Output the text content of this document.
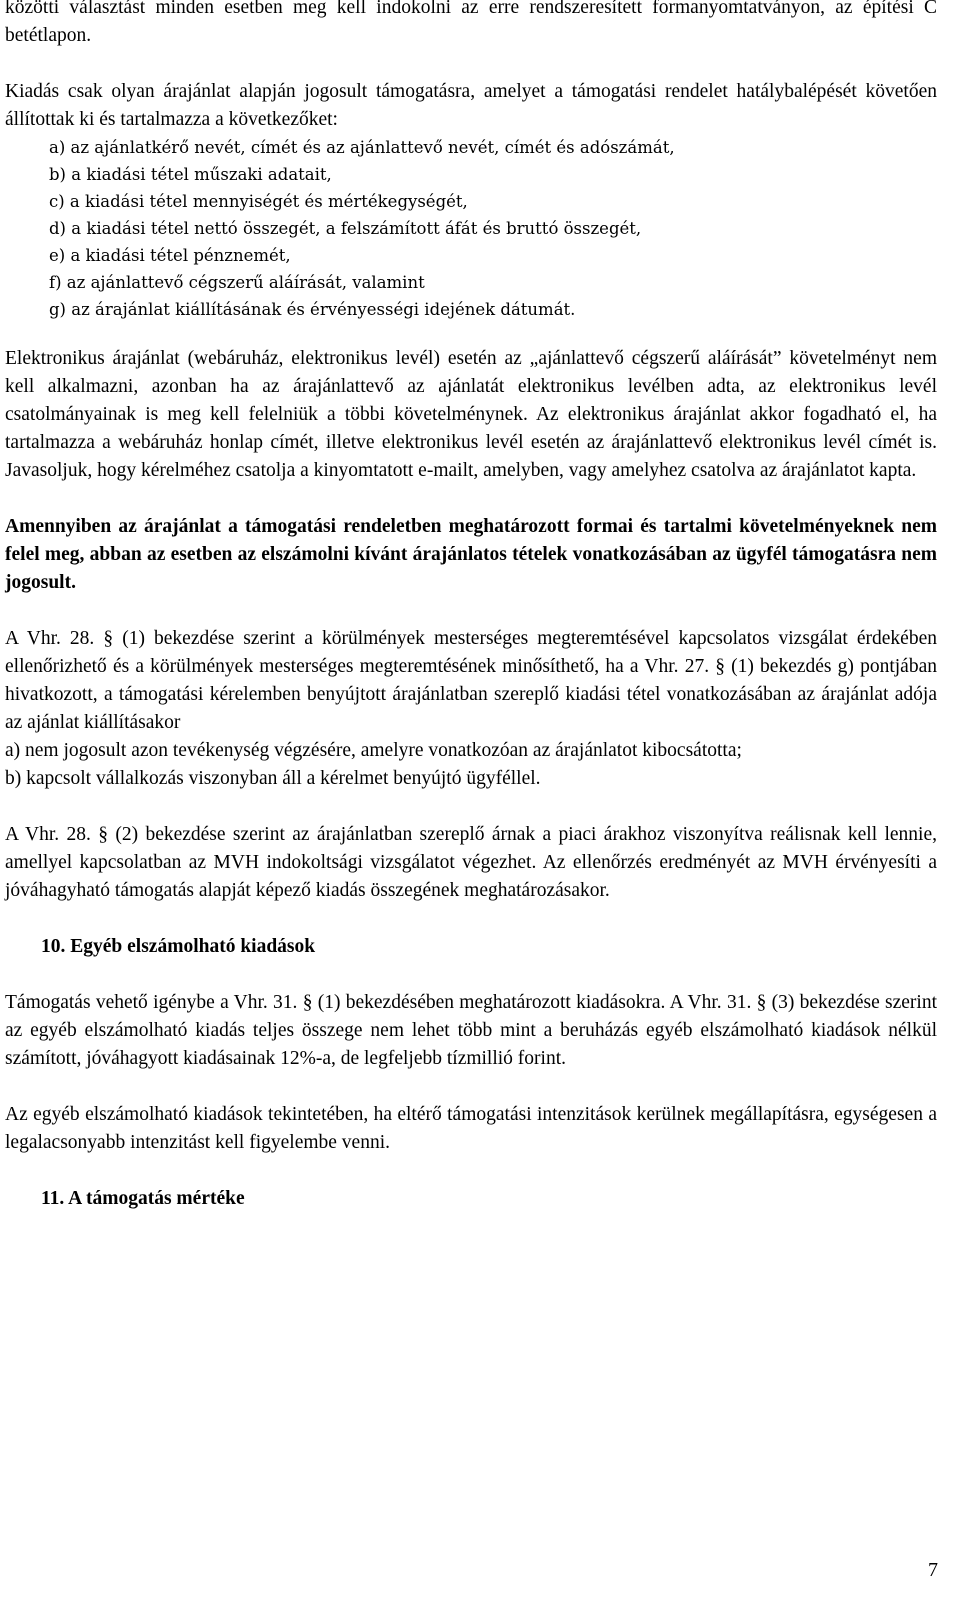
közötti választást minden esetben meg kell indokolni az erre rendszeresített formanyomtatványon, az építési C betétlapon.

Kiadás csak olyan árajánlat alapján jogosult támogatásra, amelyet a támogatási rendelet hatálybalépését követően állítottak ki és tartalmazza a következőket:

a) az ajánlatkérő nevét, címét és az ajánlattevő nevét, címét és adószámát,

b) a kiadási tétel műszaki adatait,

c) a kiadási tétel mennyiségét és mértékegységét,

d) a kiadási tétel nettó összegét, a felszámított áfát és bruttó összegét,

e) a kiadási tétel pénznemét,

f) az ajánlattevő cégszerű aláírását, valamint

g) az árajánlat kiállításának és érvényességi idejének dátumát.

Elektronikus árajánlat (webáruház, elektronikus levél) esetén az „ajánlattevő cégszerű aláírását” követelményt nem kell alkalmazni, azonban ha az árajánlattevő az ajánlatát elektronikus levélben adta, az elektronikus levél csatolmányainak is meg kell felelniük a többi követelménynek. Az elektronikus árajánlat akkor fogadható el, ha tartalmazza a webáruház honlap címét, illetve elektronikus levél esetén az árajánlattevő elektronikus levél címét is. Javasoljuk, hogy kérelméhez csatolja a kinyomtatott e-mailt, amelyben, vagy amelyhez csatolva az árajánlatot kapta.

Amennyiben az árajánlat a támogatási rendeletben meghatározott formai és tartalmi követelményeknek nem felel meg, abban az esetben az elszámolni kívánt árajánlatos tételek vonatkozásában az ügyfél támogatásra nem jogosult.

A Vhr. 28. § (1) bekezdése szerint a körülmények mesterséges megteremtésével kapcsolatos vizsgálat érdekében ellenőrizhető és a körülmények mesterséges megteremtésének minősíthető, ha a Vhr. 27. § (1) bekezdés g) pontjában hivatkozott, a támogatási kérelemben benyújtott árajánlatban szereplő kiadási tétel vonatkozásában az árajánlat adója az ajánlat kiállításakor

a) nem jogosult azon tevékenység végzésére, amelyre vonatkozóan az árajánlatot kibocsátotta;

b) kapcsolt vállalkozás viszonyban áll a kérelmet benyújtó ügyféllel.

A Vhr. 28. § (2) bekezdése szerint az árajánlatban szereplő árnak a piaci árakhoz viszonyítva reálisnak kell lennie, amellyel kapcsolatban az MVH indokoltsági vizsgálatot végezhet. Az ellenőrzés eredményét az MVH érvényesíti a jóváhagyható támogatás alapját képező kiadás összegének meghatározásakor.

10. Egyéb elszámolható kiadások

Támogatás vehető igénybe a Vhr. 31. § (1) bekezdésében meghatározott kiadásokra. A Vhr. 31. § (3) bekezdése szerint az egyéb elszámolható kiadás teljes összege nem lehet több mint a beruházás egyéb elszámolható kiadások nélkül számított, jóváhagyott kiadásainak 12%-a, de legfeljebb tízmillió forint.

Az egyéb elszámolható kiadások tekintetében, ha eltérő támogatási intenzitások kerülnek megállapításra, egységesen a legalacsonyabb intenzitást kell figyelembe venni.

11. A támogatás mértéke

7
